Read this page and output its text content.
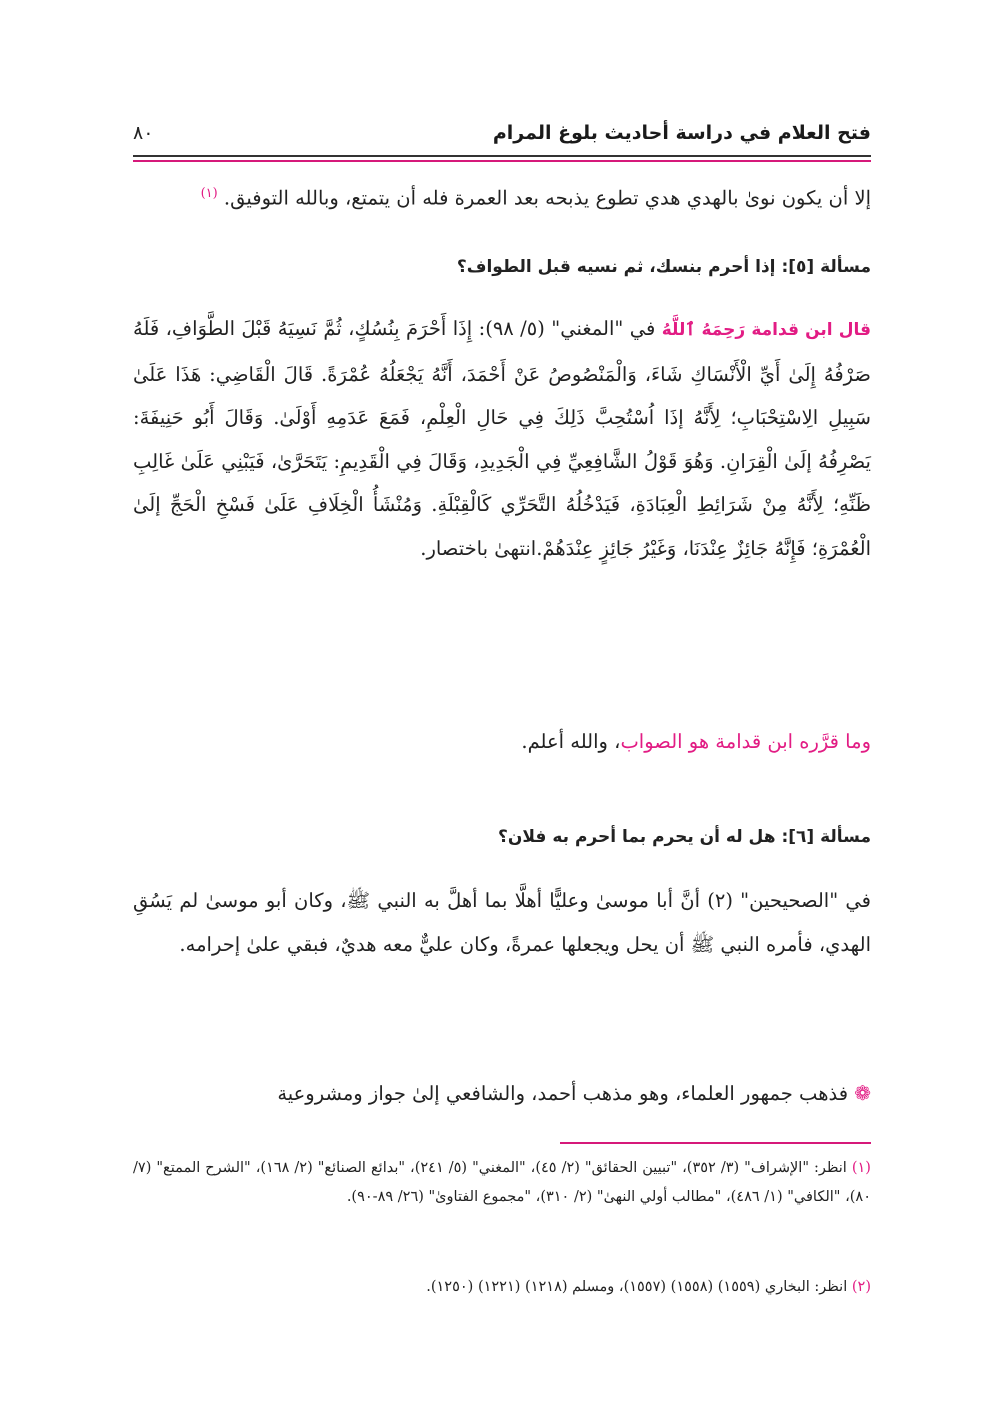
فتح العلام في دراسة أحاديث بلوغ المرام
٨٠
إلا أن يكون نوىٰ بالهدي هدي تطوع يذبحه بعد العمرة فله أن يتمتع، وبالله التوفيق. $^{(١)}$
مسألة [٥]: إذا أحرم بنسك، ثم نسيه قبل الطواف؟
قال ابن قدامة رَحِمَهُ ٱللَّهُ في "المغني" (٥/ ٩٨): إِذَا أَحْرَمَ بِنُسُكٍ، ثُمَّ نَسِيَهُ قَبْلَ الطَّوَافِ، فَلَهُ صَرْفُهُ إِلَىٰ أَيِّ الْأَنْسَاكِ شَاءَ، وَالْمَنْصُوصُ عَنْ أَحْمَدَ، أَنَّهُ يَجْعَلُهُ عُمْرَةً. قَالَ الْقَاضِي: هَذَا عَلَىٰ سَبِيلِ الِاسْتِحْبَابِ؛ لِأَنَّهُ إذَا اُسْتُحِبَّ ذَلِكَ فِي حَالِ الْعِلْمِ، فَمَعَ عَدَمِهِ أَوْلَىٰ. وَقَالَ أَبُو حَنِيفَةَ: يَصْرِفُهُ إلَىٰ الْقِرَانِ. وَهُوَ قَوْلُ الشَّافِعِيِّ فِي الْجَدِيدِ، وَقَالَ فِي الْقَدِيمِ: يَتَحَرَّىٰ، فَيَبْنِي عَلَىٰ غَالِبِ ظَنِّهِ؛ لِأَنَّهُ مِنْ شَرَائِطِ الْعِبَادَةِ، فَيَدْخُلُهُ التَّحَرِّي كَالْقِبْلَةِ. وَمُنْشَأُ الْخِلَافِ عَلَىٰ فَسْخِ الْحَجِّ إلَىٰ الْعُمْرَةِ؛ فَإِنَّهُ جَائِزٌ عِنْدَنَا، وَغَيْرُ جَائِزٍ عِنْدَهُمْ.انتهىٰ باختصار.
وما قرَّره ابن قدامة هو الصواب، والله أعلم.
مسألة [٦]: هل له أن يحرم بما أحرم به فلان؟
في "الصحيحين" (٢) أنَّ أبا موسىٰ وعليًّا أهلَّا بما أهلَّ به النبي ﷺ، وكان أبو موسىٰ لم يَسُقِ الهدي، فأمره النبي ﷺ أن يحل ويجعلها عمرةً، وكان عليٌّ معه هديٌ، فبقي علىٰ إحرامه.
❁ فذهب جمهور العلماء، وهو مذهب أحمد، والشافعي إلىٰ جواز ومشروعية
(١) انظر: "الإشراف" (٣/ ٣٥٢)، "تبيين الحقائق" (٢/ ٤٥)، "المغني" (٥/ ٢٤١)، "بدائع الصنائع" (٢/ ١٦٨)، "الشرح الممتع" (٧/ ٨٠)، "الكافي" (١/ ٤٨٦)، "مطالب أولي النهىٰ" (٢/ ٣١٠)، "مجموع الفتاوىٰ" (٢٦/ ٨٩-٩٠).
(٢) انظر: البخاري (١٥٥٩) (١٥٥٨) (١٥٥٧)، ومسلم (١٢١٨) (١٢٢١) (١٢٥٠).
